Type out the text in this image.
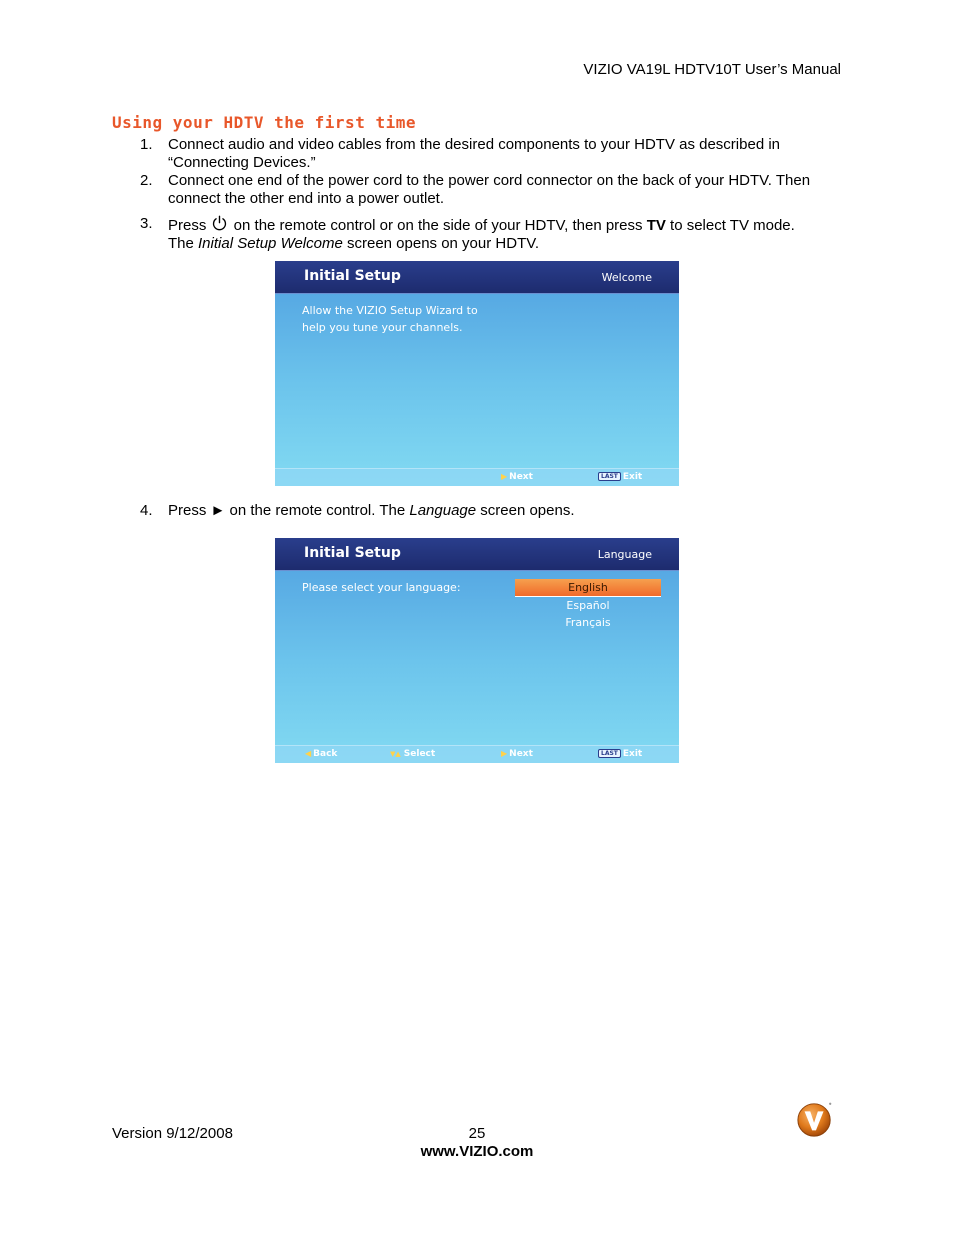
VIZIO VA19L HDTV10T User’s Manual
Using your HDTV the first time
1. Connect audio and video cables from the desired components to your HDTV as described in “Connecting Devices.”
2. Connect one end of the power cord to the power cord connector on the back of your HDTV. Then connect the other end into a power outlet.
3. Press  on the remote control or on the side of your HDTV, then press TV to select TV mode.
The Initial Setup Welcome screen opens on your HDTV.
Initial Setup	Welcome
Allow the VIZIO Setup Wizard to
help you tune your channels.
▶ Next	LAST Exit
4. Press ► on the remote control. The Language screen opens.
Initial Setup	Language
Please select your language:	English
Español
Français
◀ Back	▼▲ Select	▶ Next	LAST Exit
Version 9/12/2008	25
www.VIZIO.com
